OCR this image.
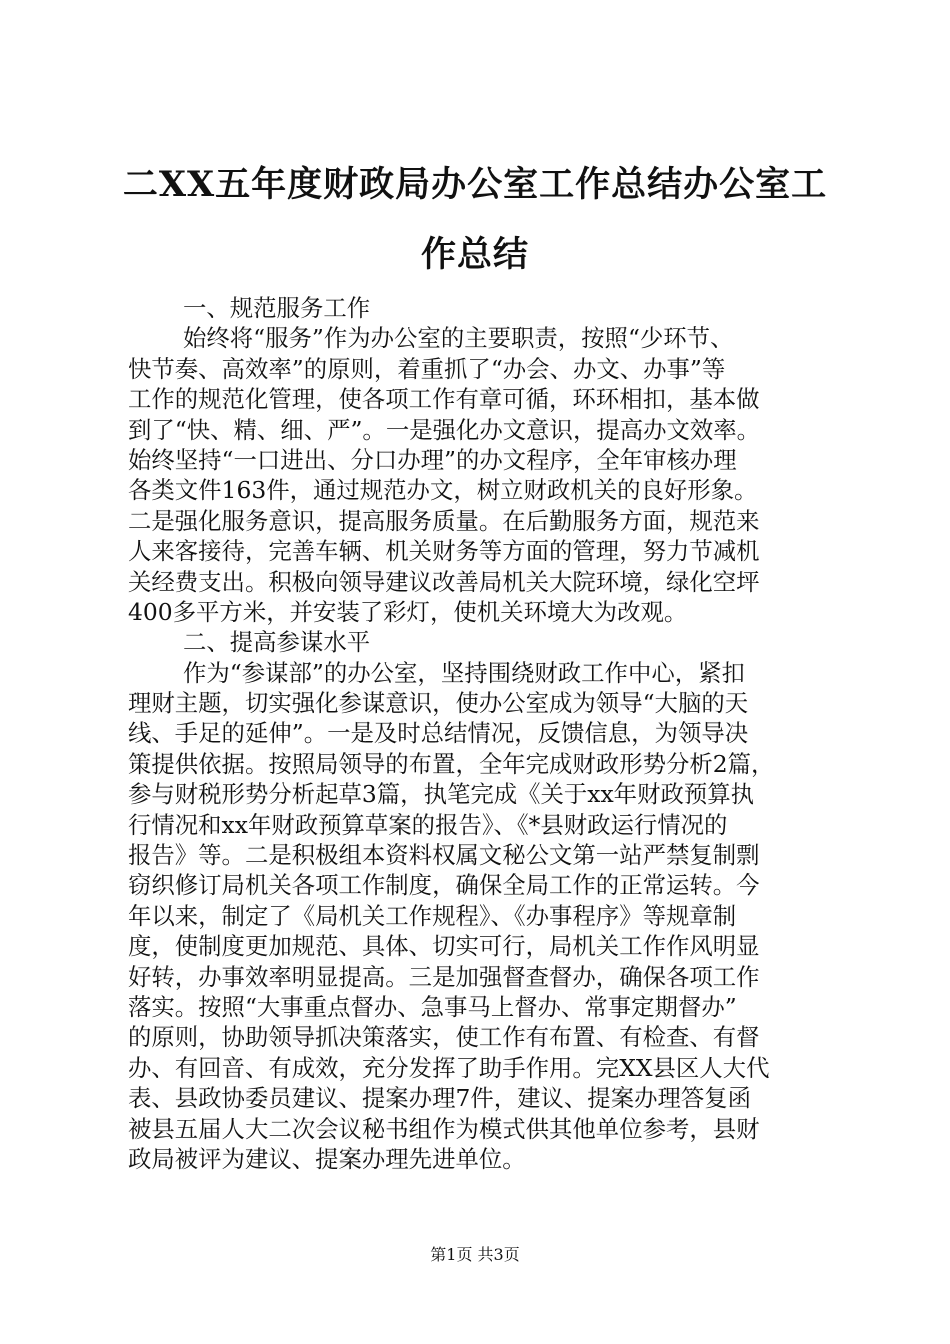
二XX五年度财政局办公室工作总结办公室工
作总结
一、规范服务工作
始终将“服务”作为办公室的主要职责，按照“少环节、
快节奏、高效率”的原则，着重抓了“办会、办文、办事”等
工作的规范化管理，使各项工作有章可循，环环相扣，基本做
到了“快、精、细、严”。一是强化办文意识，提高办文效率。
始终坚持“一口进出、分口办理”的办文程序，全年审核办理
各类文件163件，通过规范办文，树立财政机关的良好形象。
二是强化服务意识，提高服务质量。在后勤服务方面，规范来
人来客接待，完善车辆、机关财务等方面的管理，努力节减机
关经费支出。积极向领导建议改善局机关大院环境，绿化空坪
400多平方米，并安装了彩灯，使机关环境大为改观。
二、提高参谋水平
作为“参谋部”的办公室，坚持围绕财政工作中心，紧扣
理财主题，切实强化参谋意识，使办公室成为领导“大脑的天
线、手足的延伸”。一是及时总结情况，反馈信息，为领导决
策提供依据。按照局领导的布置，全年完成财政形势分析2篇，
参与财税形势分析起草3篇，执笔完成《关于xx年财政预算执
行情况和xx年财政预算草案的报告》、《*县财政运行情况的
报告》等。二是积极组本资料权属文秘公文第一站严禁复制剽
窃织修订局机关各项工作制度，确保全局工作的正常运转。今
年以来，制定了《局机关工作规程》、《办事程序》等规章制
度，使制度更加规范、具体、切实可行，局机关工作作风明显
好转，办事效率明显提高。三是加强督查督办，确保各项工作
落实。按照“大事重点督办、急事马上督办、常事定期督办”
的原则，协助领导抓决策落实，使工作有布置、有检查、有督
办、有回音、有成效，充分发挥了助手作用。完XX县区人大代
表、县政协委员建议、提案办理7件，建议、提案办理答复函
被县五届人大二次会议秘书组作为模式供其他单位参考，县财
政局被评为建议、提案办理先进单位。
第1页 共3页
